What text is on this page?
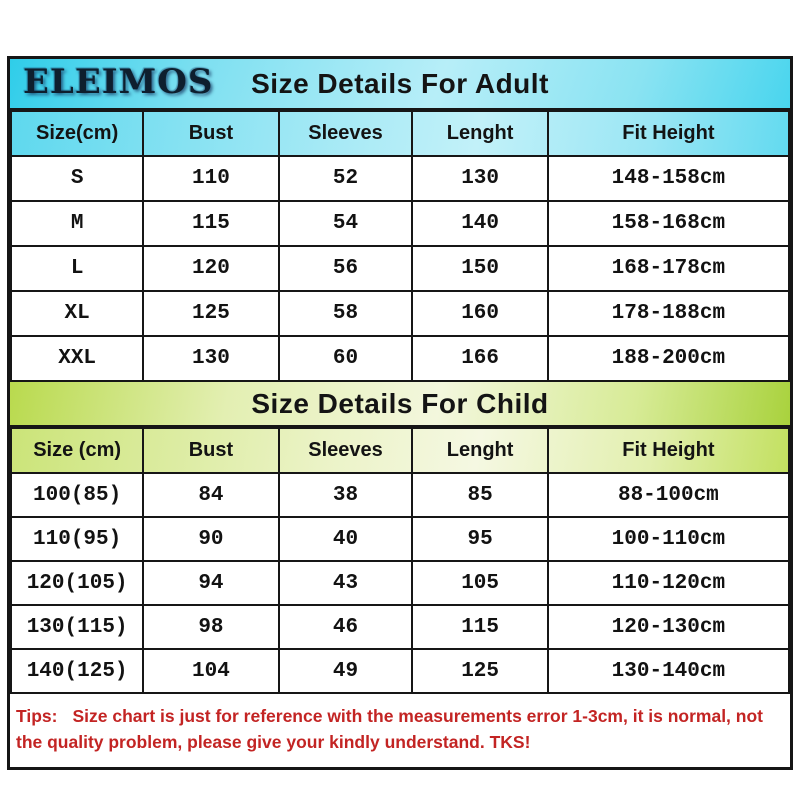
ELEIMOS Size Details For Adult
Size(cm)	Bust	Sleeves	Lenght	Fit Height
S	110	52	130	148-158cm
M	115	54	140	158-168cm
L	120	56	150	168-178cm
XL	125	58	160	178-188cm
XXL	130	60	166	188-200cm
Size Details For Child
Size (cm)	Bust	Sleeves	Lenght	Fit Height
100(85)	84	38	85	88-100cm
110(95)	90	40	95	100-110cm
120(105)	94	43	105	110-120cm
130(115)	98	46	115	120-130cm
140(125)	104	49	125	130-140cm
Tips: Size chart is just for reference with the measurements error 1-3cm, it is normal, not the quality problem, please give your kindly understand. TKS!
